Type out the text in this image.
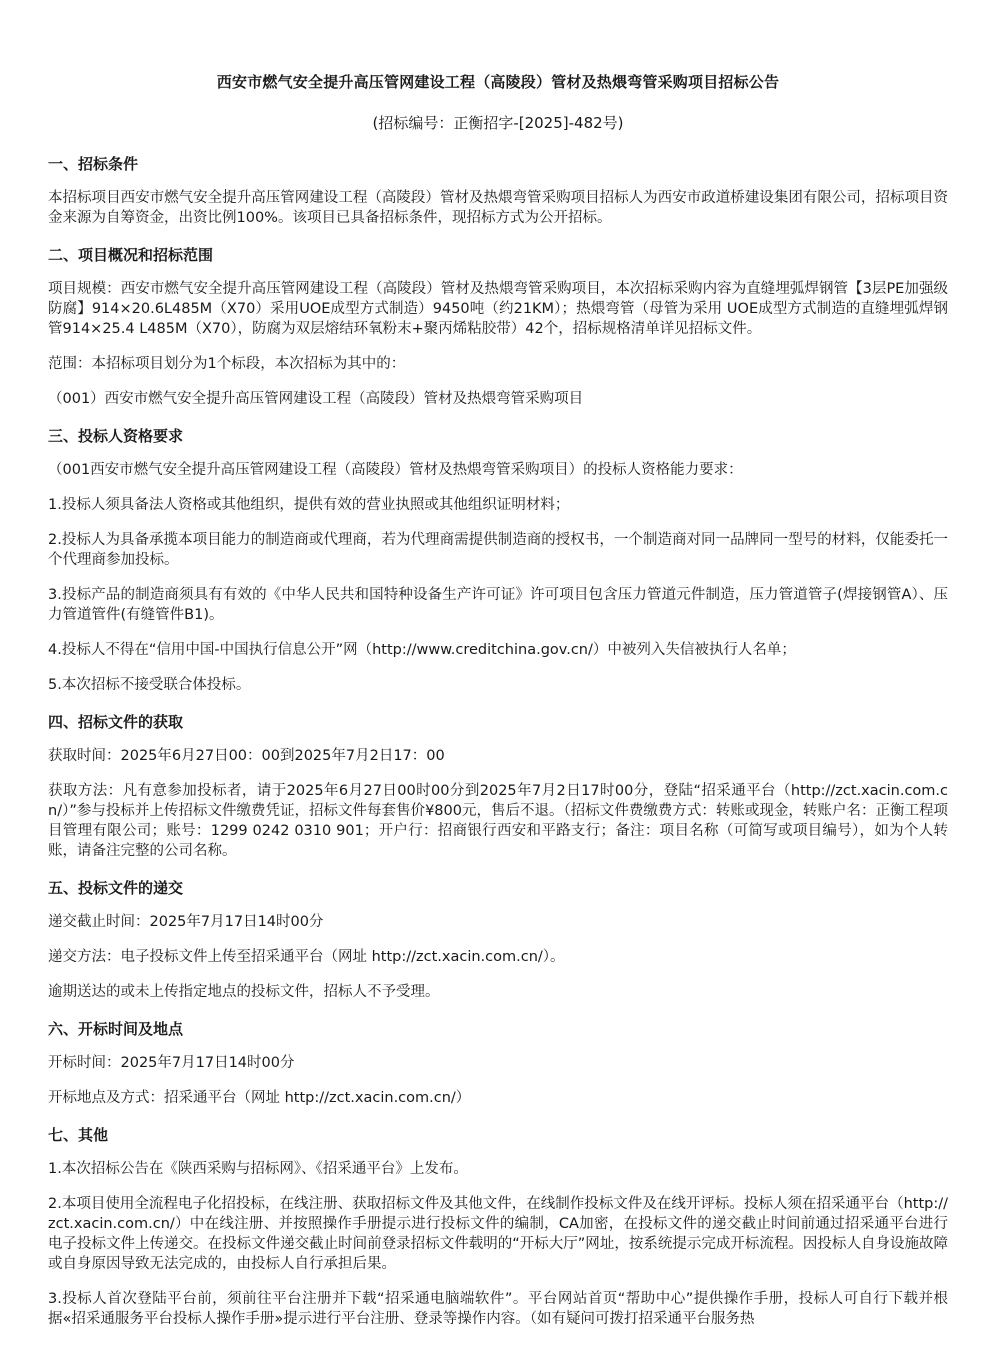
西安市燃气安全提升高压管网建设工程（高陵段）管材及热煨弯管采购项目招标公告
(招标编号：正衡招字-[2025]-482号)
一、招标条件
本招标项目西安市燃气安全提升高压管网建设工程（高陵段）管材及热煨弯管采购项目招标人为西安市政道桥建设集团有限公司，招标项目资金来源为自筹资金，出资比例100%。该项目已具备招标条件，现招标方式为公开招标。
二、项目概况和招标范围
项目规模：西安市燃气安全提升高压管网建设工程（高陵段）管材及热煨弯管采购项目，本次招标采购内容为直缝埋弧焊钢管【3层PE加强级防腐】914×20.6L485M（X70）采用UOE成型方式制造）9450吨（约21KM）；热煨弯管（母管为采用 UOE成型方式制造的直缝埋弧焊钢管914×25.4 L485M（X70），防腐为双层熔结环氧粉末+聚丙烯粘胶带）42个，招标规格清单详见招标文件。
范围：本招标项目划分为1个标段，本次招标为其中的：
（001）西安市燃气安全提升高压管网建设工程（高陵段）管材及热煨弯管采购项目
三、投标人资格要求
（001西安市燃气安全提升高压管网建设工程（高陵段）管材及热煨弯管采购项目）的投标人资格能力要求：
1.投标人须具备法人资格或其他组织，提供有效的营业执照或其他组织证明材料；
2.投标人为具备承揽本项目能力的制造商或代理商，若为代理商需提供制造商的授权书，一个制造商对同一品牌同一型号的材料，仅能委托一个代理商参加投标。
3.投标产品的制造商须具有有效的《中华人民共和国特种设备生产许可证》许可项目包含压力管道元件制造，压力管道管子(焊接钢管A）、压力管道管件(有缝管件B1)。
4.投标人不得在“信用中国-中国执行信息公开”网（http://www.creditchina.gov.cn/）中被列入失信被执行人名单；
5.本次招标不接受联合体投标。
四、招标文件的获取
获取时间：2025年6月27日00：00到2025年7月2日17：00
获取方法：凡有意参加投标者，请于2025年6月27日00时00分到2025年7月2日17时00分，登陆“招采通平台（http://zct.xacin.com.cn/）”参与投标并上传招标文件缴费凭证，招标文件每套售价¥800元，售后不退。（招标文件费缴费方式：转账或现金，转账户名：正衡工程项目管理有限公司；账号：1299 0242 0310 901；开户行：招商银行西安和平路支行；备注：项目名称（可简写或项目编号），如为个人转账，请备注完整的公司名称。
五、投标文件的递交
递交截止时间：2025年7月17日14时00分
递交方法：电子投标文件上传至招采通平台（网址 http://zct.xacin.com.cn/）。
逾期送达的或未上传指定地点的投标文件，招标人不予受理。
六、开标时间及地点
开标时间：2025年7月17日14时00分
开标地点及方式：招采通平台（网址 http://zct.xacin.com.cn/）
七、其他
1.本次招标公告在《陕西采购与招标网》、《招采通平台》上发布。
2.本项目使用全流程电子化招投标，在线注册、获取招标文件及其他文件，在线制作投标文件及在线开评标。投标人须在招采通平台（http://zct.xacin.com.cn/）中在线注册、并按照操作手册提示进行投标文件的编制，CA加密，在投标文件的递交截止时间前通过招采通平台进行电子投标文件上传递交。在投标文件递交截止时间前登录招标文件载明的“开标大厅”网址，按系统提示完成开标流程。因投标人自身设施故障或自身原因导致无法完成的，由投标人自行承担后果。
3.投标人首次登陆平台前，须前往平台注册并下载“招采通电脑端软件”。平台网站首页“帮助中心”提供操作手册，投标人可自行下载并根据«招采通服务平台投标人操作手册»提示进行平台注册、登录等操作内容。（如有疑问可拨打招采通平台服务热
